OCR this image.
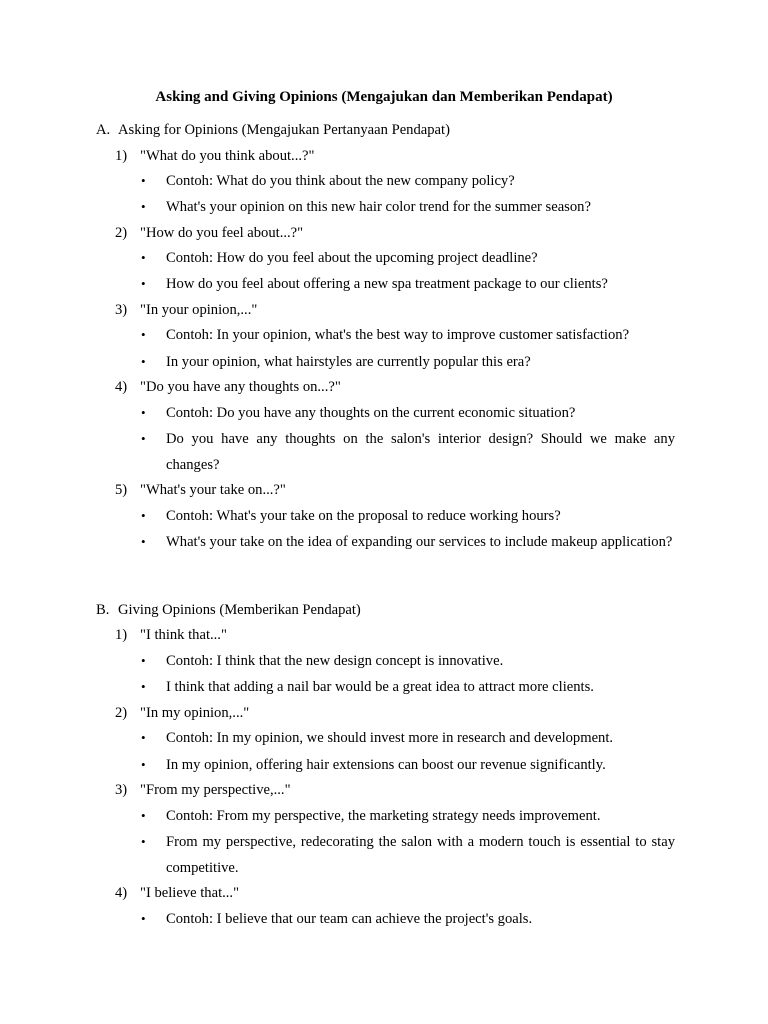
Asking and Giving Opinions (Mengajukan dan Memberikan Pendapat)

A. Asking for Opinions (Mengajukan Pertanyaan Pendapat)

1) "What do you think about...?"

•	Contoh: What do you think about the new company policy?
•	What's your opinion on this new hair color trend for the summer season?

2) "How do you feel about...?"

•	Contoh: How do you feel about the upcoming project deadline?
•	How do you feel about offering a new spa treatment package to our clients?

3) "In your opinion,..."

•	Contoh: In your opinion, what's the best way to improve customer satisfaction?
•	In your opinion, what hairstyles are currently popular this era?

4) "Do you have any thoughts on...?"

•	Contoh: Do you have any thoughts on the current economic situation?
•	Do you have any thoughts on the salon's interior design? Should we make any changes?

5) "What's your take on...?"

•	Contoh: What's your take on the proposal to reduce working hours?
•	What's your take on the idea of expanding our services to include makeup application?

B. Giving Opinions (Memberikan Pendapat)

1) "I think that..."

•	Contoh: I think that the new design concept is innovative.
•	I think that adding a nail bar would be a great idea to attract more clients.

2) "In my opinion,..."

•	Contoh: In my opinion, we should invest more in research and development.
•	In my opinion, offering hair extensions can boost our revenue significantly.

3) "From my perspective,..."

•	Contoh: From my perspective, the marketing strategy needs improvement.
•	From my perspective, redecorating the salon with a modern touch is essential to stay competitive.

4) "I believe that..."

•	Contoh: I believe that our team can achieve the project's goals.
